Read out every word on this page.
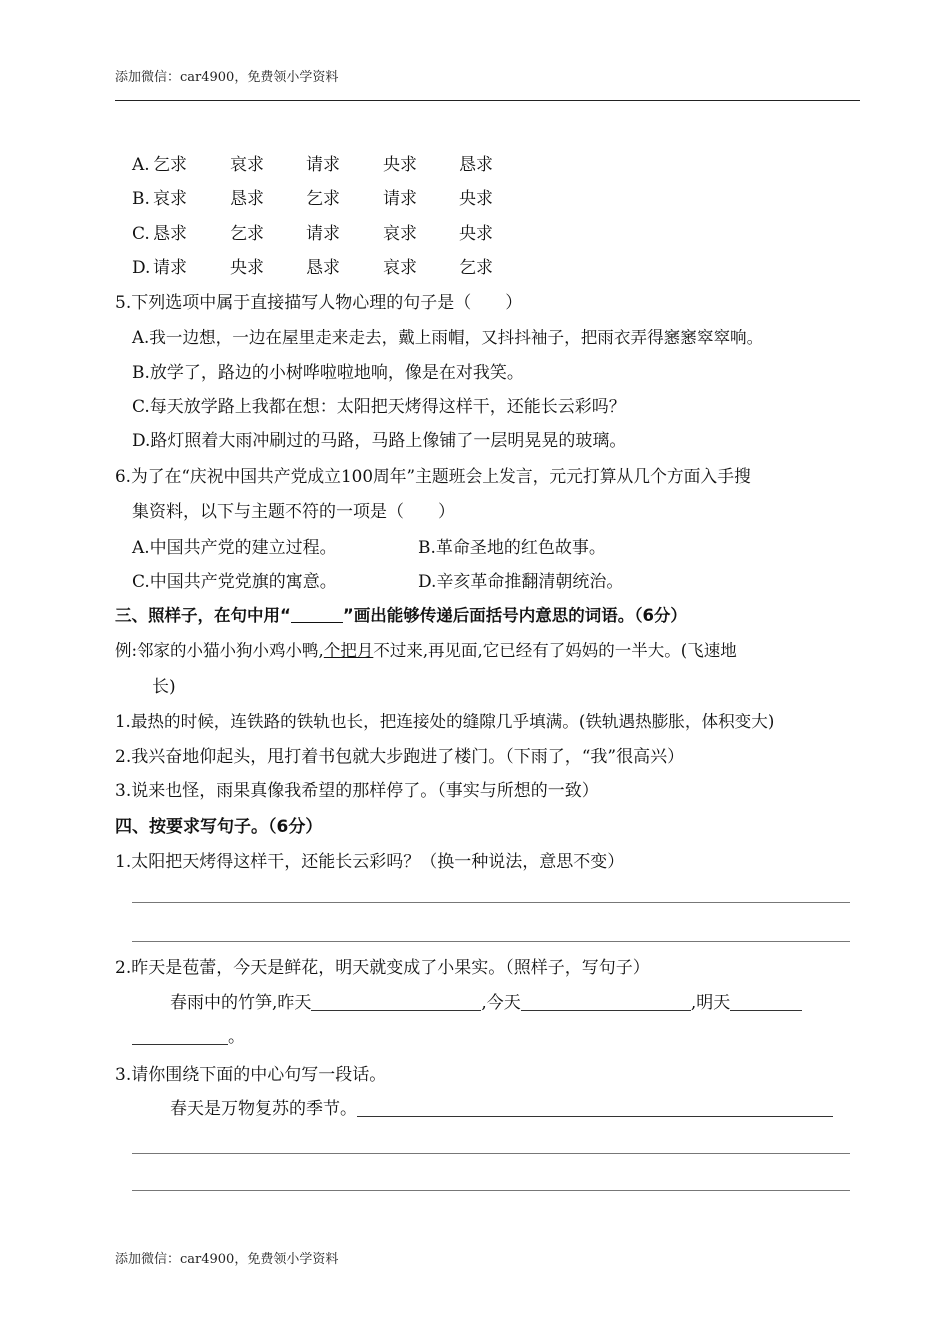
添加微信：car4900，免费领小学资料
A. 乞求	哀求 请求	央求 恳求
B. 哀求	恳求 乞求	请求 央求
C. 恳求	乞求 请求	哀求 央求
D. 请求	央求 恳求	哀求 乞求
5.下列选项中属于直接描写人物心理的句子是（　　）
A.我一边想，一边在屋里走来走去，戴上雨帽，又抖抖袖子，把雨衣弄得窸窸窣窣响。
B.放学了，路边的小树哗啦啦地响，像是在对我笑。
C.每天放学路上我都在想：太阳把天烤得这样干，还能长云彩吗？
D.路灯照着大雨冲刷过的马路，马路上像铺了一层明晃晃的玻璃。
6.为了在“庆祝中国共产党成立100周年”主题班会上发言，元元打算从几个方面入手搜
集资料，以下与主题不符的一项是（　　）
A.中国共产党的建立过程。	B.革命圣地的红色故事。
C.中国共产党党旗的寓意。	D.辛亥革命推翻清朝统治。
三、照样子，在句中用“	”画出能够传递后面括号内意思的词语。（6分）
例:邻家的小猫小狗小鸡小鸭,个把月不过来,再见面,它已经有了妈妈的一半大。(飞速地
长)
1.最热的时候，连铁路的铁轨也长，把连接处的缝隙几乎填满。(铁轨遇热膨胀，体积变大)
2.我兴奋地仰起头，甩打着书包就大步跑进了楼门。（下雨了，“我”很高兴）
3.说来也怪，雨果真像我希望的那样停了。（事实与所想的一致）
四、按要求写句子。（6分）
1.太阳把天烤得这样干，还能长云彩吗？（换一种说法，意思不变）
2.昨天是苞蕾，今天是鲜花，明天就变成了小果实。（照样子，写句子）
春雨中的竹笋,昨天	,今天	,明天
。
3.请你围绕下面的中心句写一段话。
春天是万物复苏的季节。
添加微信：car4900，免费领小学资料
